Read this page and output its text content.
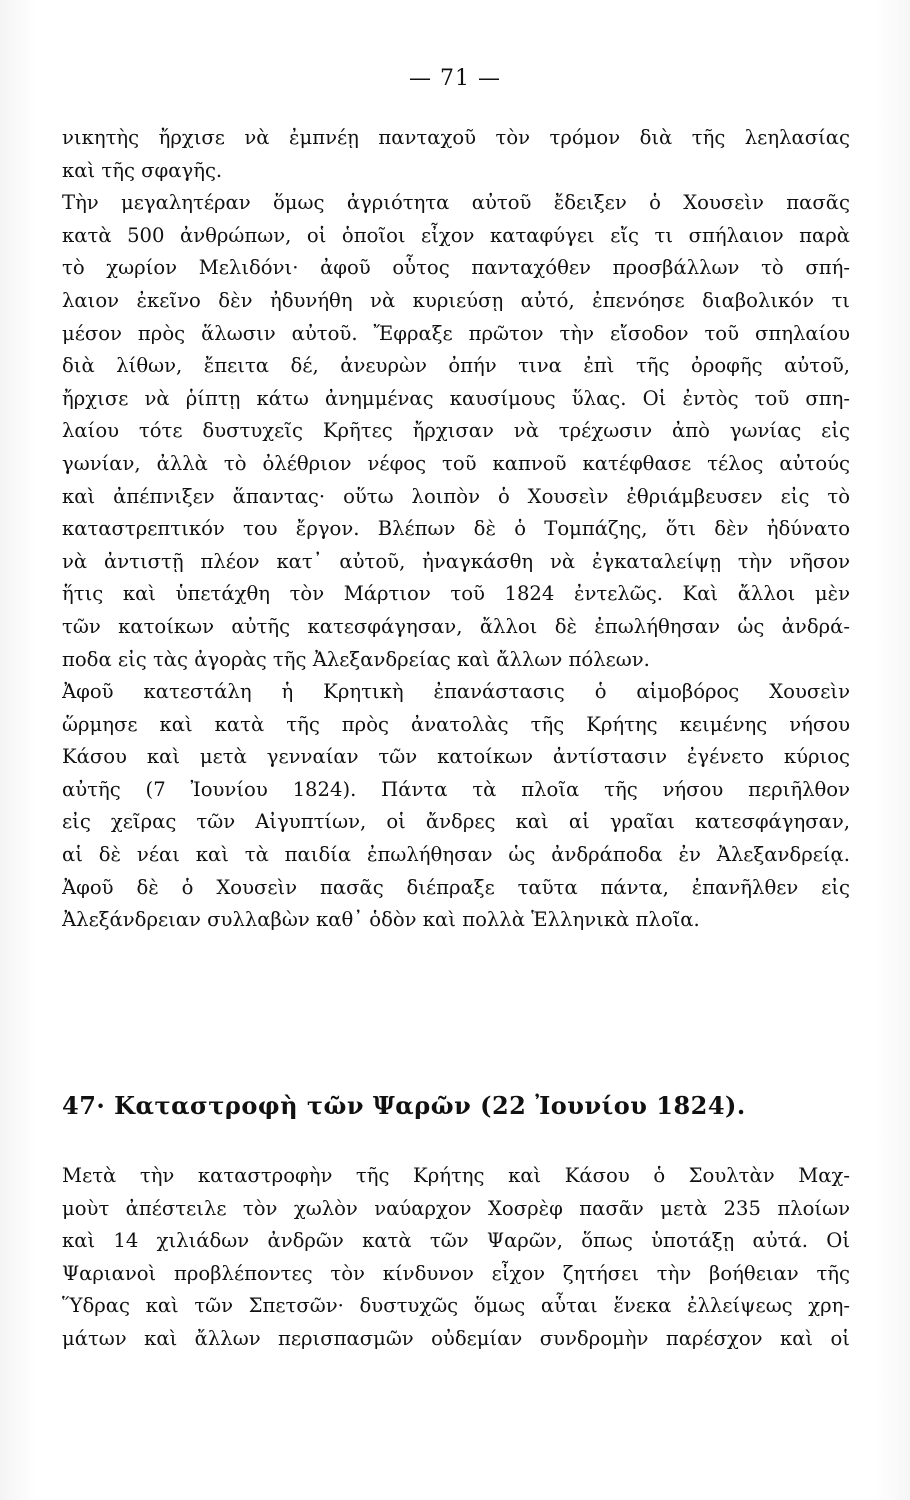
— 71 —
νικητὴς ἤρχισε νὰ ἐμπνέῃ πανταχοῦ τὸν τρόμον διὰ τῆς λεηλασίας
καὶ τῆς σφαγῆς.
Τὴν μεγαλητέραν ὅμως ἀγριότητα αὐτοῦ ἔδειξεν ὁ Χουσεὶν πασᾶς
κατὰ 500 ἀνθρώπων, οἱ ὁποῖοι εἶχον καταφύγει εἴς τι σπήλαιον παρὰ
τὸ χωρίον Μελιδόνι· ἀφοῦ οὗτος πανταχόθεν προσβάλλων τὸ σπή-
λαιον ἐκεῖνο δὲν ἠδυνήθη νὰ κυριεύσῃ αὐτό, ἐπενόησε διαβολικόν τι
μέσον πρὸς ἅλωσιν αὐτοῦ. Ἔφραξε πρῶτον τὴν εἴσοδον τοῦ σπηλαίου
διὰ λίθων, ἔπειτα δέ, ἀνευρὼν ὀπήν τινα ἐπὶ τῆς ὀροφῆς αὐτοῦ,
ἤρχισε νὰ ῥίπτῃ κάτω ἀνημμένας καυσίμους ὕλας. Οἱ ἐντὸς τοῦ σπη-
λαίου τότε δυστυχεῖς Κρῆτες ἤρχισαν νὰ τρέχωσιν ἀπὸ γωνίας εἰς
γωνίαν, ἀλλὰ τὸ ὀλέθριον νέφος τοῦ καπνοῦ κατέφθασε τέλος αὐτούς
καὶ ἀπέπνιξεν ἅπαντας· οὕτω λοιπὸν ὁ Χουσεὶν ἐθριάμβευσεν εἰς τὸ
καταστρεπτικόν του ἔργον. Βλέπων δὲ ὁ Τομπάζης, ὅτι δὲν ἠδύνατο
νὰ ἀντιστῇ πλέον κατ᾽ αὐτοῦ, ἠναγκάσθη νὰ ἐγκαταλείψῃ τὴν νῆσον
ἥτις καὶ ὑπετάχθη τὸν Μάρτιον τοῦ 1824 ἐντελῶς. Καὶ ἄλλοι μὲν
τῶν κατοίκων αὐτῆς κατεσφάγησαν, ἄλλοι δὲ ἐπωλήθησαν ὡς ἀνδρά-
ποδα εἰς τὰς ἀγορὰς τῆς Ἀλεξανδρείας καὶ ἄλλων πόλεων.
Ἀφοῦ κατεστάλη ἡ Κρητικὴ ἐπανάστασις ὁ αἱμοβόρος Χουσεὶν
ὥρμησε καὶ κατὰ τῆς πρὸς ἀνατολὰς τῆς Κρήτης κειμένης νήσου
Κάσου καὶ μετὰ γενναίαν τῶν κατοίκων ἀντίστασιν ἐγένετο κύριος
αὐτῆς (7 Ἰουνίου 1824). Πάντα τὰ πλοῖα τῆς νήσου περιῆλθον
εἰς χεῖρας τῶν Αἰγυπτίων, οἱ ἄνδρες καὶ αἱ γραῖαι κατεσφάγησαν,
αἱ δὲ νέαι καὶ τὰ παιδία ἐπωλήθησαν ὡς ἀνδράποδα ἐν Ἀλεξανδρείᾳ.
Ἀφοῦ δὲ ὁ Χουσεὶν πασᾶς διέπραξε ταῦτα πάντα, ἐπανῆλθεν εἰς
Ἀλεξάνδρειαν συλλαβὼν καθ᾽ ὁδὸν καὶ πολλὰ Ἑλληνικὰ πλοῖα.
47· Καταστροφὴ τῶν Ψαρῶν (22 Ἰουνίου 1824).
Μετὰ τὴν καταστροφὴν τῆς Κρήτης καὶ Κάσου ὁ Σουλτὰν Μαχ-
μοὺτ ἀπέστειλε τὸν χωλὸν ναύαρχον Χοσρὲφ πασᾶν μετὰ 235 πλοίων
καὶ 14 χιλιάδων ἀνδρῶν κατὰ τῶν Ψαρῶν, ὅπως ὑποτάξῃ αὐτά. Οἱ
Ψαριανοὶ προβλέποντες τὸν κίνδυνον εἶχον ζητήσει τὴν βοήθειαν τῆς
Ὕδρας καὶ τῶν Σπετσῶν· δυστυχῶς ὅμως αὗται ἕνεκα ἐλλείψεως χρη-
μάτων καὶ ἄλλων περισπασμῶν οὐδεμίαν συνδρομὴν παρέσχον καὶ οἱ
